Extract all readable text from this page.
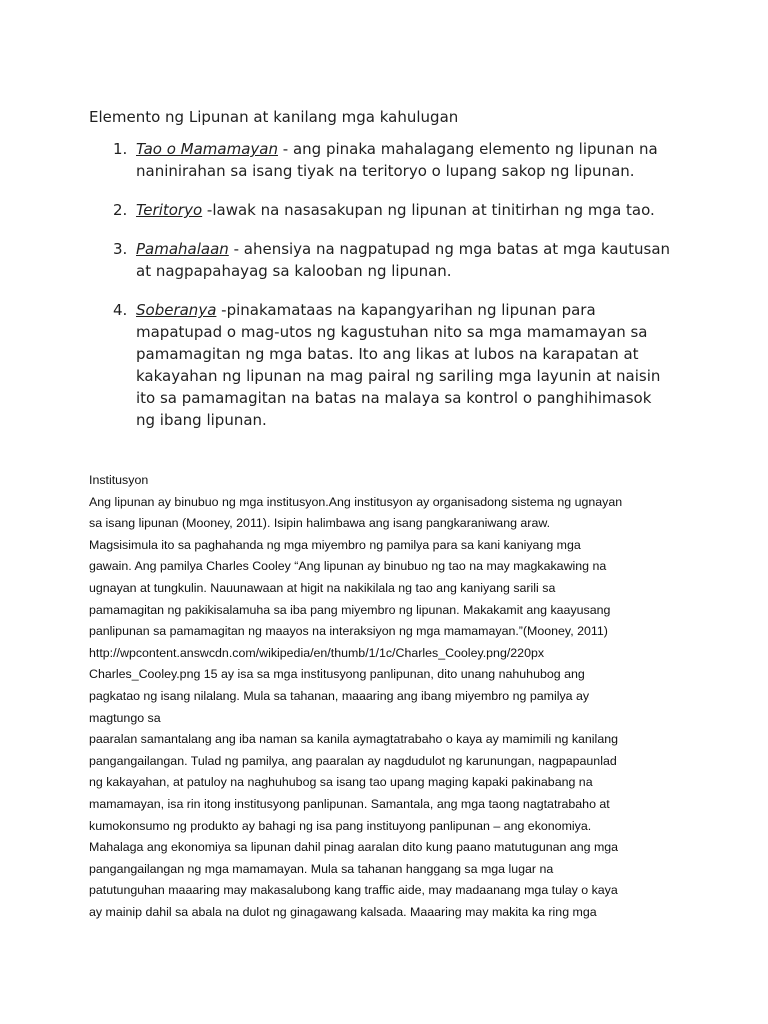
Elemento ng Lipunan at kanilang mga kahulugan
1. Tao o Mamamayan - ang pinaka mahalagang elemento ng lipunan na naninirahan sa isang tiyak na teritoryo o lupang sakop ng lipunan.
2. Teritoryo -lawak na nasasakupan ng lipunan at tinitirhan ng mga tao.
3. Pamahalaan - ahensiya na nagpatupad ng mga batas at mga kautusan at nagpapahayag sa kalooban ng lipunan.
4. Soberanya -pinakamataas na kapangyarihan ng lipunan para mapatupad o mag-utos ng kagustuhan nito sa mga mamamayan sa pamamagitan ng mga batas. Ito ang likas at lubos na karapatan at kakayahan ng lipunan na mag pairal ng sariling mga layunin at naisin ito sa pamamagitan na batas na malaya sa kontrol o panghihimasok ng ibang lipunan.
Institusyon

Ang lipunan ay binubuo ng mga institusyon.Ang institusyon ay organisadong sistema ng ugnayan
sa isang lipunan (Mooney, 2011). Isipin halimbawa ang isang pangkaraniwang araw.
Magsisimula ito sa paghahanda ng mga miyembro ng pamilya para sa kani kaniyang mga
gawain. Ang pamilya Charles Cooley “Ang lipunan ay binubuo ng tao na may magkakawing na
ugnayan at tungkulin. Nauunawaan at higit na nakikilala ng tao ang kaniyang sarili sa
pamamagitan ng pakikisalamuha sa iba pang miyembro ng lipunan. Makakamit ang kaayusang
panlipunan sa pamamagitan ng maayos na interaksiyon ng mga mamamayan.”(Mooney, 2011)
http://wpcontent.answcdn.com/wikipedia/en/thumb/1/1c/Charles_Cooley.png/220px
Charles_Cooley.png 15 ay isa sa mga institusyong panlipunan, dito unang nahuhubog ang
pagkatao ng isang nilalang. Mula sa tahanan, maaaring ang ibang miyembro ng pamilya ay
magtungo sa
paaralan samantalang ang iba naman sa kanila aymagtatrabaho o kaya ay mamimili ng kanilang
pangangailangan. Tulad ng pamilya, ang paaralan ay nagdudulot ng karunungan, nagpapaunlad
ng kakayahan, at patuloy na naghuhubog sa isang tao upang maging kapaki pakinabang na
mamamayan, isa rin itong institusyong panlipunan. Samantala, ang mga taong nagtatrabaho at
kumokonsumo ng produkto ay bahagi ng isa pang instituyong panlipunan – ang ekonomiya.
Mahalaga ang ekonomiya sa lipunan dahil pinag aaralan dito kung paano matutugunan ang mga
pangangailangan ng mga mamamayan. Mula sa tahanan hanggang sa mga lugar na
patutunguhan maaaring may makasalubong kang traffic aide, may madaanang mga tulay o kaya
ay mainip dahil sa abala na dulot ng ginagawang kalsada. Maaaring may makita ka ring mga
